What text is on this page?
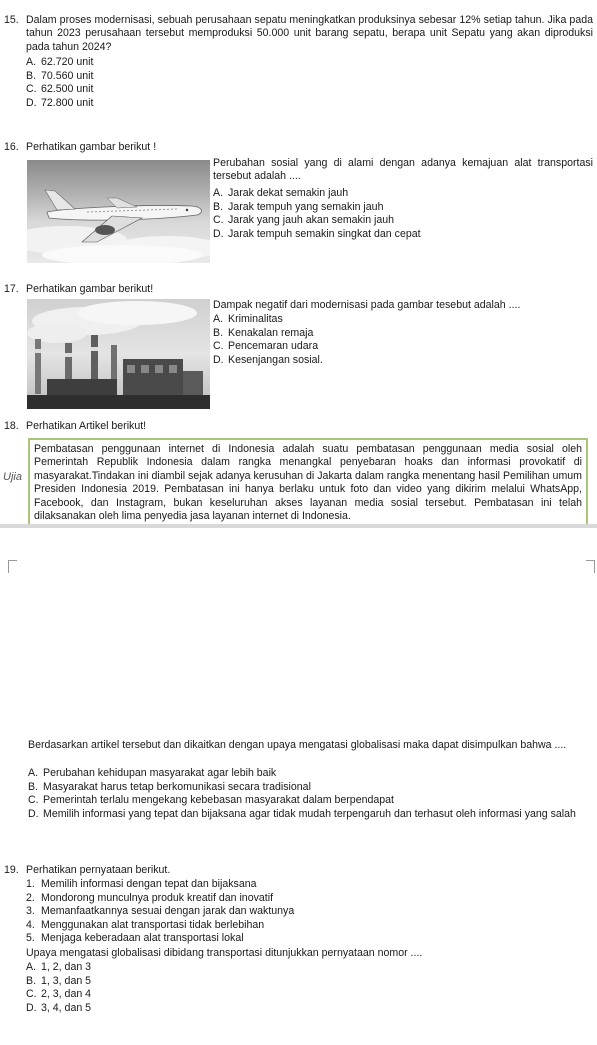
15. Dalam proses modernisasi, sebuah perusahaan sepatu meningkatkan produksinya sebesar 12% setiap tahun. Jika pada tahun 2023 perusahaan tersebut memproduksi 50.000 unit barang sepatu, berapa unit Sepatu yang akan diproduksi pada tahun 2024?
A. 62.720 unit
B. 70.560 unit
C. 62.500 unit
D. 72.800 unit
16. Perhatikan gambar berikut !
Perubahan sosial yang di alami dengan adanya kemajuan alat transportasi tersebut adalah ....
A. Jarak dekat semakin jauh
B. Jarak tempuh yang semakin jauh
C. Jarak yang jauh akan semakin jauh
D. Jarak tempuh semakin singkat dan cepat
17. Perhatikan gambar berikut!
Dampak negatif dari modernisasi pada gambar tesebut adalah ....
A. Kriminalitas
B. Kenakalan remaja
C. Pencemaran udara
D. Kesenjangan sosial.
18. Perhatikan Artikel berikut!
Ujia
Pembatasan penggunaan internet di Indonesia adalah suatu pembatasan penggunaan media sosial oleh Pemerintah Republik Indonesia dalam rangka menangkal penyebaran hoaks dan informasi provokatif di masyarakat.Tindakan ini diambil sejak adanya kerusuhan di Jakarta dalam rangka menentang hasil Pemilihan umum Presiden Indonesia 2019. Pembatasan ini hanya berlaku untuk foto dan video yang dikirim melalui WhatsApp, Facebook, dan Instagram, bukan keseluruhan akses layanan media sosial tersebut. Pembatasan ini telah dilaksanakan oleh lima penyedia jasa layanan internet di Indonesia.
Berdasarkan artikel tersebut dan dikaitkan dengan upaya mengatasi globalisasi maka dapat disimpulkan bahwa ....
A. Perubahan kehidupan masyarakat agar lebih baik
B. Masyarakat harus tetap berkomunikasi secara tradisional
C. Pemerintah terlalu mengekang kebebasan masyarakat dalam berpendapat
D. Memilih informasi yang tepat dan bijaksana agar tidak mudah terpengaruh dan terhasut oleh informasi yang salah
19. Perhatikan pernyataan berikut.
1. Memilih informasi dengan tepat dan bijaksana
2. Mondorong munculnya produk kreatif dan inovatif
3. Memanfaatkannya sesuai dengan jarak dan waktunya
4. Menggunakan alat transportasi tidak berlebihan
5. Menjaga keberadaan alat transportasi lokal
Upaya mengatasi globalisasi dibidang transportasi ditunjukkan pernyataan nomor ....
A. 1, 2, dan 3
B. 1, 3, dan 5
C. 2, 3, dan 4
D. 3, 4, dan 5
